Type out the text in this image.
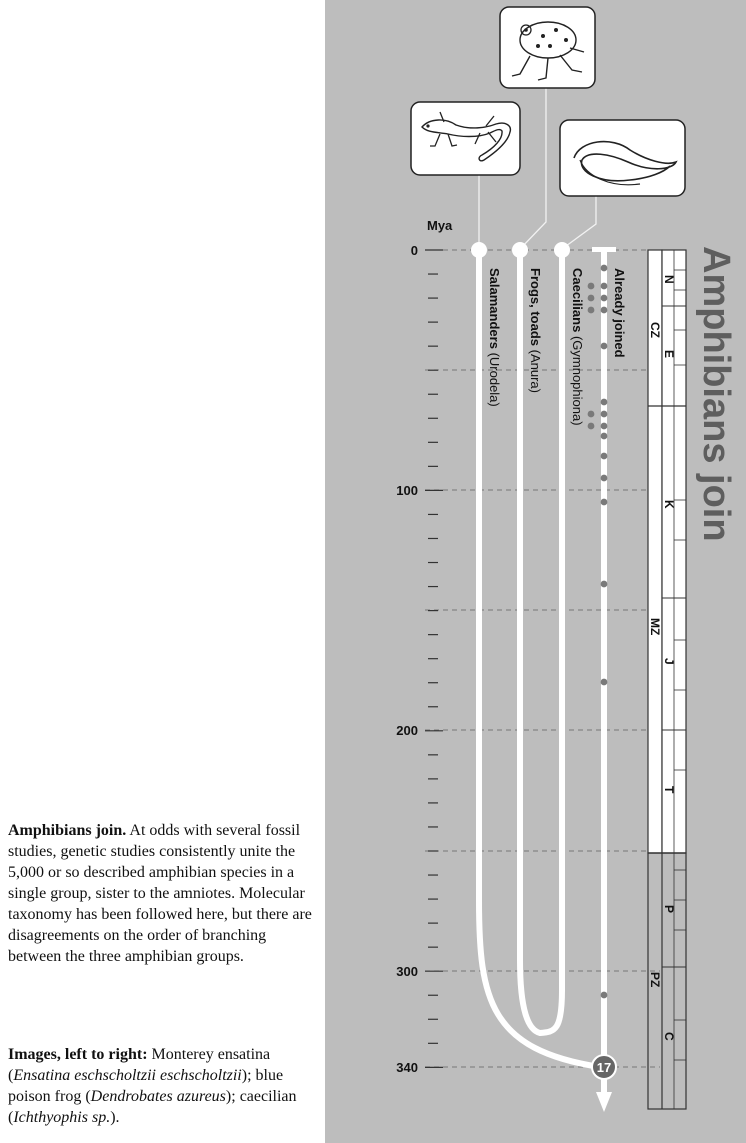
Mya
0
100
200
300
340
CZ
MZ
PZ
N
E
K
J
T
P
C
Amphibians join
17
Salamanders (Urodela)
Frogs, toads (Anura)
Caecilians (Gymnophiona)
Already joined
Amphibians join. At odds with several fossil studies, genetic studies consistently unite the 5,000 or so described amphibian species in a single group, sister to the amniotes. Molecular taxonomy has been followed here, but there are disagreements on the order of branching between the three amphibian groups.
Images, left to right: Monterey ensatina (Ensatina eschscholtzii eschscholtzii); blue poison frog (Dendrobates azureus); caecilian (Ichthyophis sp.).
